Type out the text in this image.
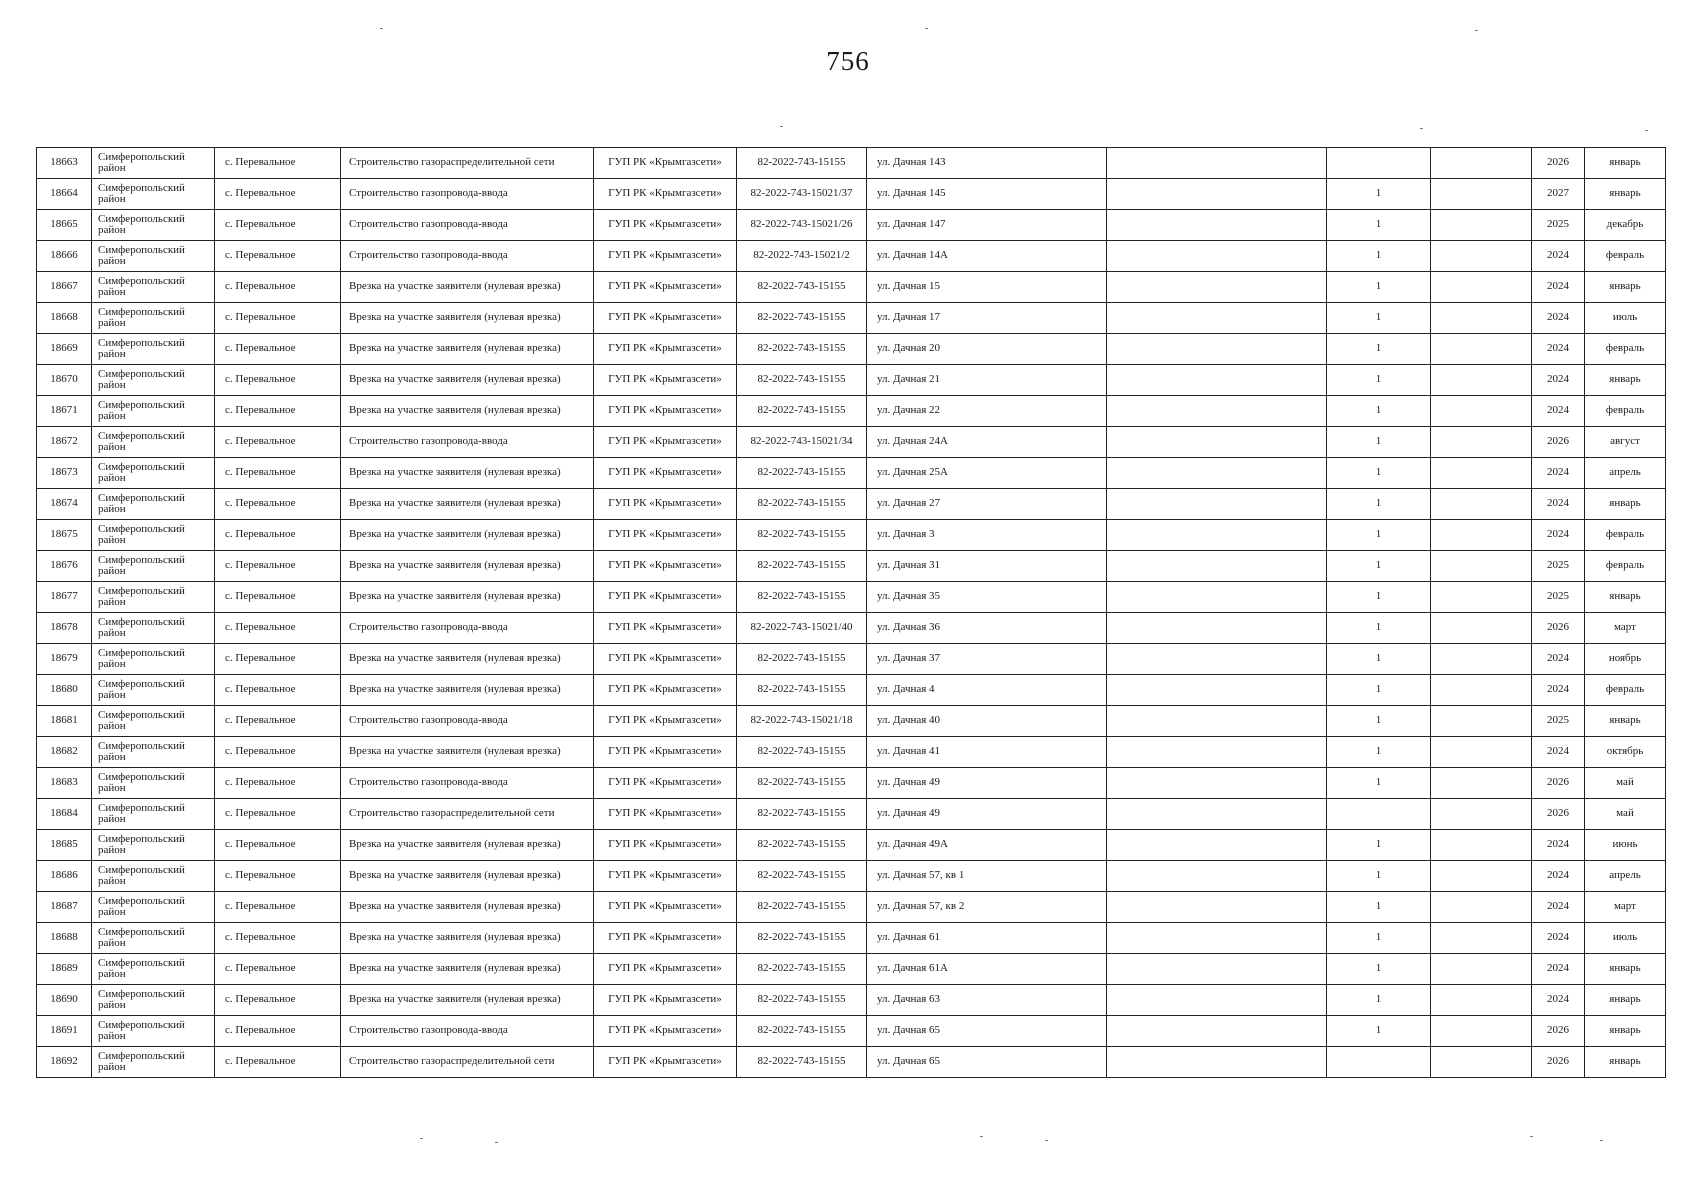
756
18663	Симферопольский район	с. Перевальное	Строительство газораспределительной сети	ГУП РК «Крымгазсети»	82-2022-743-15155	ул. Дачная 143				2026	январь
18664	Симферопольский район	с. Перевальное	Строительство газопровода-ввода	ГУП РК «Крымгазсети»	82-2022-743-15021/37	ул. Дачная 145		1		2027	январь
18665	Симферопольский район	с. Перевальное	Строительство газопровода-ввода	ГУП РК «Крымгазсети»	82-2022-743-15021/26	ул. Дачная 147		1		2025	декабрь
18666	Симферопольский район	с. Перевальное	Строительство газопровода-ввода	ГУП РК «Крымгазсети»	82-2022-743-15021/2	ул. Дачная 14А		1		2024	февраль
18667	Симферопольский район	с. Перевальное	Врезка на участке заявителя (нулевая врезка)	ГУП РК «Крымгазсети»	82-2022-743-15155	ул. Дачная 15		1		2024	январь
18668	Симферопольский район	с. Перевальное	Врезка на участке заявителя (нулевая врезка)	ГУП РК «Крымгазсети»	82-2022-743-15155	ул. Дачная 17		1		2024	июль
18669	Симферопольский район	с. Перевальное	Врезка на участке заявителя (нулевая врезка)	ГУП РК «Крымгазсети»	82-2022-743-15155	ул. Дачная 20		1		2024	февраль
18670	Симферопольский район	с. Перевальное	Врезка на участке заявителя (нулевая врезка)	ГУП РК «Крымгазсети»	82-2022-743-15155	ул. Дачная 21		1		2024	январь
18671	Симферопольский район	с. Перевальное	Врезка на участке заявителя (нулевая врезка)	ГУП РК «Крымгазсети»	82-2022-743-15155	ул. Дачная 22		1		2024	февраль
18672	Симферопольский район	с. Перевальное	Строительство газопровода-ввода	ГУП РК «Крымгазсети»	82-2022-743-15021/34	ул. Дачная 24А		1		2026	август
18673	Симферопольский район	с. Перевальное	Врезка на участке заявителя (нулевая врезка)	ГУП РК «Крымгазсети»	82-2022-743-15155	ул. Дачная 25А		1		2024	апрель
18674	Симферопольский район	с. Перевальное	Врезка на участке заявителя (нулевая врезка)	ГУП РК «Крымгазсети»	82-2022-743-15155	ул. Дачная 27		1		2024	январь
18675	Симферопольский район	с. Перевальное	Врезка на участке заявителя (нулевая врезка)	ГУП РК «Крымгазсети»	82-2022-743-15155	ул. Дачная 3		1		2024	февраль
18676	Симферопольский район	с. Перевальное	Врезка на участке заявителя (нулевая врезка)	ГУП РК «Крымгазсети»	82-2022-743-15155	ул. Дачная 31		1		2025	февраль
18677	Симферопольский район	с. Перевальное	Врезка на участке заявителя (нулевая врезка)	ГУП РК «Крымгазсети»	82-2022-743-15155	ул. Дачная 35		1		2025	январь
18678	Симферопольский район	с. Перевальное	Строительство газопровода-ввода	ГУП РК «Крымгазсети»	82-2022-743-15021/40	ул. Дачная 36		1		2026	март
18679	Симферопольский район	с. Перевальное	Врезка на участке заявителя (нулевая врезка)	ГУП РК «Крымгазсети»	82-2022-743-15155	ул. Дачная 37		1		2024	ноябрь
18680	Симферопольский район	с. Перевальное	Врезка на участке заявителя (нулевая врезка)	ГУП РК «Крымгазсети»	82-2022-743-15155	ул. Дачная 4		1		2024	февраль
18681	Симферопольский район	с. Перевальное	Строительство газопровода-ввода	ГУП РК «Крымгазсети»	82-2022-743-15021/18	ул. Дачная 40		1		2025	январь
18682	Симферопольский район	с. Перевальное	Врезка на участке заявителя (нулевая врезка)	ГУП РК «Крымгазсети»	82-2022-743-15155	ул. Дачная 41		1		2024	октябрь
18683	Симферопольский район	с. Перевальное	Строительство газопровода-ввода	ГУП РК «Крымгазсети»	82-2022-743-15155	ул. Дачная 49		1		2026	май
18684	Симферопольский район	с. Перевальное	Строительство газораспределительной сети	ГУП РК «Крымгазсети»	82-2022-743-15155	ул. Дачная 49				2026	май
18685	Симферопольский район	с. Перевальное	Врезка на участке заявителя (нулевая врезка)	ГУП РК «Крымгазсети»	82-2022-743-15155	ул. Дачная 49А		1		2024	июнь
18686	Симферопольский район	с. Перевальное	Врезка на участке заявителя (нулевая врезка)	ГУП РК «Крымгазсети»	82-2022-743-15155	ул. Дачная 57, кв 1		1		2024	апрель
18687	Симферопольский район	с. Перевальное	Врезка на участке заявителя (нулевая врезка)	ГУП РК «Крымгазсети»	82-2022-743-15155	ул. Дачная 57, кв 2		1		2024	март
18688	Симферопольский район	с. Перевальное	Врезка на участке заявителя (нулевая врезка)	ГУП РК «Крымгазсети»	82-2022-743-15155	ул. Дачная 61		1		2024	июль
18689	Симферопольский район	с. Перевальное	Врезка на участке заявителя (нулевая врезка)	ГУП РК «Крымгазсети»	82-2022-743-15155	ул. Дачная 61А		1		2024	январь
18690	Симферопольский район	с. Перевальное	Врезка на участке заявителя (нулевая врезка)	ГУП РК «Крымгазсети»	82-2022-743-15155	ул. Дачная 63		1		2024	январь
18691	Симферопольский район	с. Перевальное	Строительство газопровода-ввода	ГУП РК «Крымгазсети»	82-2022-743-15155	ул. Дачная 65		1		2026	январь
18692	Симферопольский район	с. Перевальное	Строительство газораспределительной сети	ГУП РК «Крымгазсети»	82-2022-743-15155	ул. Дачная 65				2026	январь
